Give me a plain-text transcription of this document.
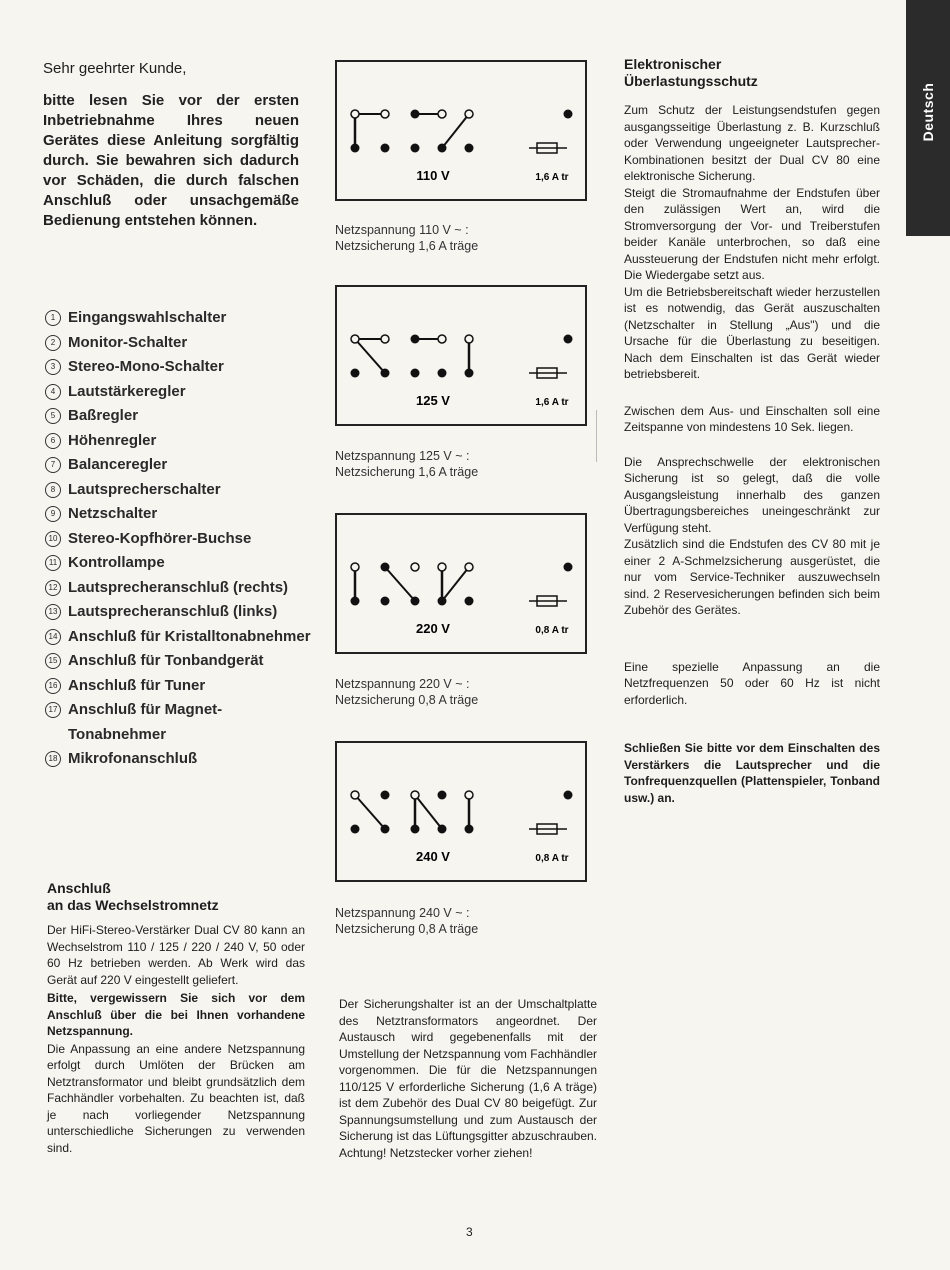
Deutsch

Sehr geehrter Kunde,

bitte lesen Sie vor der ersten Inbetriebnahme Ihres neuen Gerätes diese Anleitung sorgfältig durch. Sie bewahren sich dadurch vor Schäden, die durch falschen Anschluß oder unsachgemäße Bedienung entstehen können.

1 Eingangswahlschalter
2 Monitor-Schalter
3 Stereo-Mono-Schalter
4 Lautstärkeregler
5 Baßregler
6 Höhenregler
7 Balanceregler
8 Lautsprecherschalter
9 Netzschalter
10 Stereo-Kopfhörer-Buchse
11 Kontrollampe
12 Lautsprecheranschluß (rechts)
13 Lautsprecheranschluß (links)
14 Anschluß für Kristalltonabnehmer
15 Anschluß für Tonbandgerät
16 Anschluß für Tuner
17 Anschluß für Magnet-Tonabnehmer
18 Mikrofonanschluß
Anschluß
an das Wechselstromnetz

Der HiFi-Stereo-Verstärker Dual CV 80 kann an Wechselstrom 110 / 125 / 220 / 240 V, 50 oder 60 Hz betrieben werden. Ab Werk wird das Gerät auf 220 V eingestellt geliefert.

Bitte, vergewissern Sie sich vor dem Anschluß über die bei Ihnen vorhandene Netzspannung.

Die Anpassung an eine andere Netzspannung erfolgt durch Umlöten der Brücken am Netztransformator und bleibt grundsätzlich dem Fachhändler vorbehalten. Zu beachten ist, daß je nach vorliegender Netzspannung unterschiedliche Sicherungen zu verwenden sind.

110 V	1,6 A tr
Netzspannung 110 V ~ :
Netzsicherung 1,6 A träge
125 V	1,6 A tr
Netzspannung 125 V ~ :
Netzsicherung 1,6 A träge
220 V	0,8 A tr
Netzspannung 220 V ~ :
Netzsicherung 0,8 A träge
240 V	0,8 A tr
Netzspannung 240 V ~ :
Netzsicherung 0,8 A träge

Der Sicherungshalter ist an der Umschaltplatte des Netztransformators angeordnet. Der Austausch wird gegebenenfalls mit der Umstellung der Netzspannung vom Fachhändler vorgenommen. Die für die Netzspannungen 110/125 V erforderliche Sicherung (1,6 A träge) ist dem Zubehör des Dual CV 80 beigefügt. Zur Spannungsumstellung und zum Austausch der Sicherung ist das Lüftungsgitter abzuschrauben. Achtung! Netzstecker vorher ziehen!

Elektronischer
Überlastungsschutz

Zum Schutz der Leistungsendstufen gegen ausgangsseitige Überlastung z. B. Kurzschluß oder Verwendung ungeeigneter Lautsprecher-Kombinationen besitzt der Dual CV 80 eine elektronische Sicherung.

Steigt die Stromaufnahme der Endstufen über den zulässigen Wert an, wird die Stromversorgung der Vor- und Treiberstufen beider Kanäle unterbrochen, so daß eine Aussteuerung der Endstufen nicht mehr erfolgt. Die Wiedergabe setzt aus.

Um die Betriebsbereitschaft wieder herzustellen ist es notwendig, das Gerät auszuschalten (Netzschalter in Stellung „Aus") und die Ursache für die Überlastung zu beseitigen. Nach dem Einschalten ist das Gerät wieder betriebsbereit.

Zwischen dem Aus- und Einschalten soll eine Zeitspanne von mindestens 10 Sek. liegen.

Die Ansprechschwelle der elektronischen Sicherung ist so gelegt, daß die volle Ausgangsleistung innerhalb des ganzen Übertragungsbereiches uneingeschränkt zur Verfügung steht.

Zusätzlich sind die Endstufen des CV 80 mit je einer 2 A-Schmelzsicherung ausgerüstet, die nur vom Service-Techniker auszuwechseln sind. 2 Reservesicherungen befinden sich beim Zubehör des Gerätes.

Eine spezielle Anpassung an die Netzfrequenzen 50 oder 60 Hz ist nicht erforderlich.

Schließen Sie bitte vor dem Einschalten des Verstärkers die Lautsprecher und die Tonfrequenzquellen (Plattenspieler, Tonband usw.) an.

3
